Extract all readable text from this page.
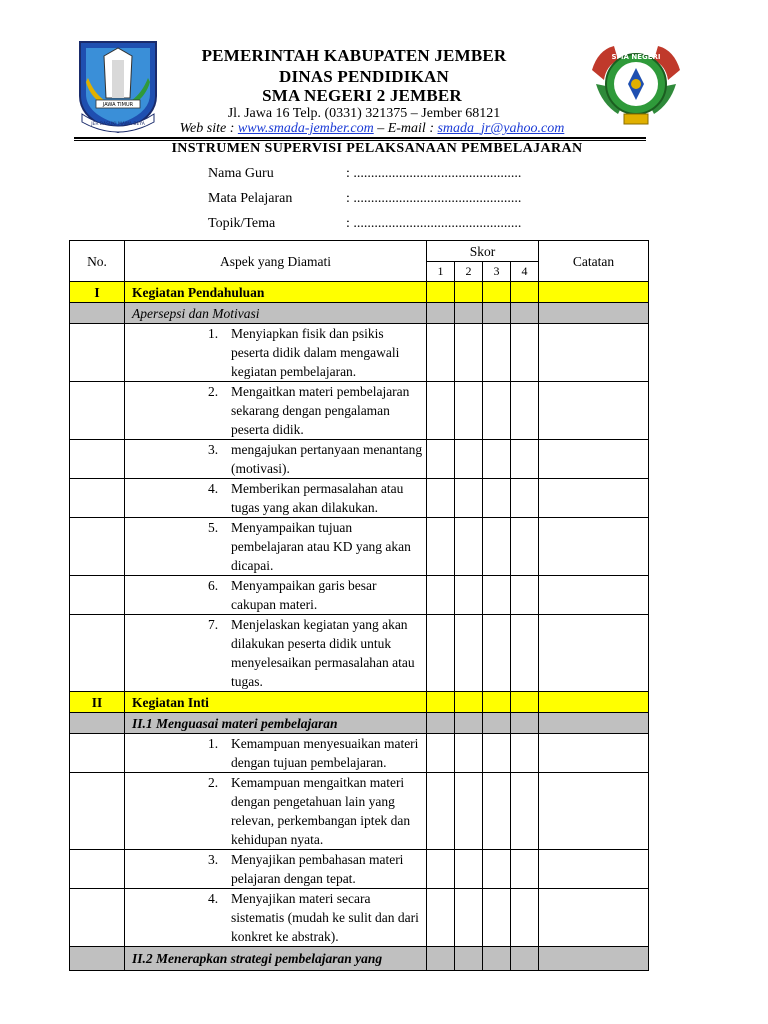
JAWA TIMUR
JER BASUKI MAWA BEYA
SMA NEGERI
PEMERINTAH KABUPATEN JEMBER
DINAS PENDIDIKAN
SMA NEGERI 2 JEMBER
Jl. Jawa 16 Telp. (0331) 321375 – Jember 68121
Web site : www.smada-jember.com – E-mail : smada_jr@yahoo.com
INSTRUMEN SUPERVISI PELAKSANAAN PEMBELAJARAN
Nama Guru	: ................................................
Mata Pelajaran	: ................................................
Topik/Tema	: ................................................
No.	Aspek yang Diamati	Skor				Catatan
		1	2	3	4	
I	Kegiatan Pendahuluan					
	Apersepsi dan Motivasi					

	1. Menyiapkan fisik dan psikis peserta didik dalam mengawali kegiatan pembelajaran.					

	2. Mengaitkan materi pembelajaran sekarang dengan pengalaman peserta didik.					

	3. mengajukan pertanyaan menantang (motivasi).					

	4. Memberikan permasalahan atau tugas yang akan dilakukan.					

	5. Menyampaikan tujuan pembelajaran atau KD yang akan dicapai.					

	6. Menyampaikan garis besar cakupan materi.					

	7. Menjelaskan kegiatan yang akan dilakukan peserta didik untuk menyelesaikan permasalahan atau tugas.					
II	Kegiatan Inti					
	II.1 Menguasai materi pembelajaran					

	1. Kemampuan menyesuaikan materi dengan tujuan pembelajaran.					

	2. Kemampuan mengaitkan materi dengan pengetahuan lain yang relevan, perkembangan iptek dan kehidupan nyata.					

	3. Menyajikan pembahasan materi pelajaran dengan tepat.					

	4. Menyajikan materi secara sistematis (mudah ke sulit dan dari konkret ke abstrak).					
	II.2 Menerapkan strategi pembelajaran yang					
